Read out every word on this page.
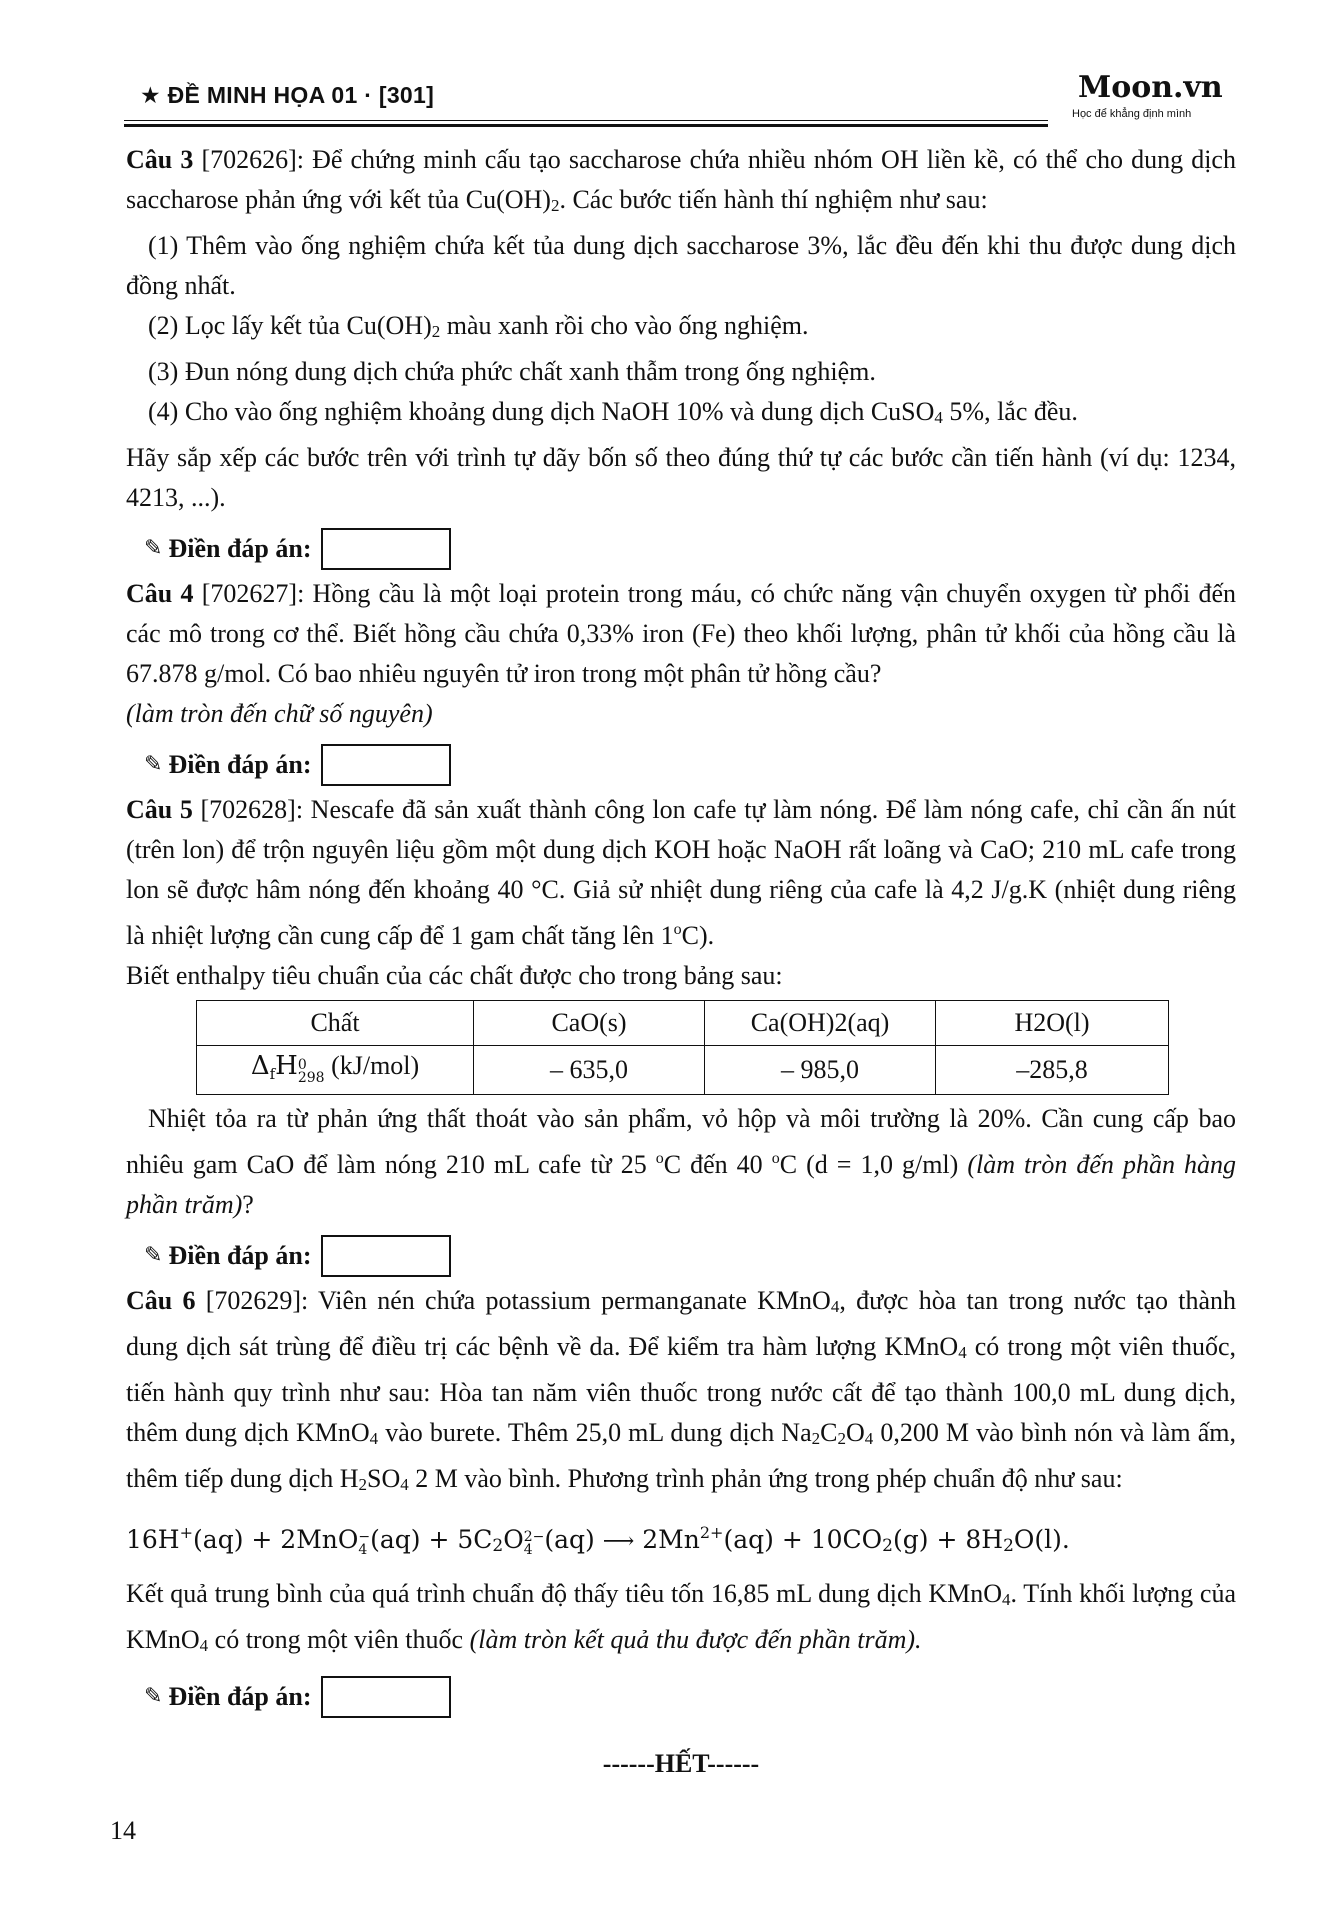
★ ĐỀ MINH HỌA 01 · [301]	Moon.vn
Học để khẳng định mình

Câu 3 [702626]: Để chứng minh cấu tạo saccharose chứa nhiều nhóm OH liền kề, có thể cho dung dịch saccharose phản ứng với kết tủa Cu(OH)2. Các bước tiến hành thí nghiệm như sau:

(1) Thêm vào ống nghiệm chứa kết tủa dung dịch saccharose 3%, lắc đều đến khi thu được dung dịch đồng nhất.

(2) Lọc lấy kết tủa Cu(OH)2 màu xanh rồi cho vào ống nghiệm.

(3) Đun nóng dung dịch chứa phức chất xanh thẫm trong ống nghiệm.

(4) Cho vào ống nghiệm khoảng dung dịch NaOH 10% và dung dịch CuSO4 5%, lắc đều.

Hãy sắp xếp các bước trên với trình tự dãy bốn số theo đúng thứ tự các bước cần tiến hành (ví dụ: 1234, 4213, ...).

✎ Điền đáp án:

Câu 4 [702627]: Hồng cầu là một loại protein trong máu, có chức năng vận chuyển oxygen từ phổi đến các mô trong cơ thể. Biết hồng cầu chứa 0,33% iron (Fe) theo khối lượng, phân tử khối của hồng cầu là 67.878 g/mol. Có bao nhiêu nguyên tử iron trong một phân tử hồng cầu?

(làm tròn đến chữ số nguyên)

✎ Điền đáp án:

Câu 5 [702628]: Nescafe đã sản xuất thành công lon cafe tự làm nóng. Để làm nóng cafe, chỉ cần ấn nút (trên lon) để trộn nguyên liệu gồm một dung dịch KOH hoặc NaOH rất loãng và CaO; 210 mL cafe trong lon sẽ được hâm nóng đến khoảng 40 °C. Giả sử nhiệt dung riêng của cafe là 4,2 J/g.K (nhiệt dung riêng là nhiệt lượng cần cung cấp để 1 gam chất tăng lên 1$^o$C).

Biết enthalpy tiêu chuẩn của các chất được cho trong bảng sau:

Chất	CaO(s)	Ca(OH)2(aq)	H2O(l)
ΔfH 0
298 (kJ/mol)	– 635,0	– 985,0	–285,8

Nhiệt tỏa ra từ phản ứng thất thoát vào sản phẩm, vỏ hộp và môi trường là 20%. Cần cung cấp bao nhiêu gam CaO để làm nóng 210 mL cafe từ 25 $^o$C đến 40 $^o$C (d = 1,0 g/ml) (làm tròn đến phần hàng phần trăm)?

✎ Điền đáp án:

Câu 6 [702629]: Viên nén chứa potassium permanganate KMnO4, được hòa tan trong nước tạo thành dung dịch sát trùng để điều trị các bệnh về da. Để kiểm tra hàm lượng KMnO4 có trong một viên thuốc, tiến hành quy trình như sau: Hòa tan năm viên thuốc trong nước cất để tạo thành 100,0 mL dung dịch, thêm dung dịch KMnO4 vào burete. Thêm 25,0 mL dung dịch Na2C2O4 0,200 M vào bình nón và làm ấm, thêm tiếp dung dịch H2SO4 2 M vào bình. Phương trình phản ứng trong phép chuẩn độ như sau:

16H+(aq) + 2MnO −
4 (aq) + 5C2O 2−
4 (aq) ⟶ $2Mn^{2+}(aq) + 10CO2(g) + 8H2O(l)$.

Kết quả trung bình của quá trình chuẩn độ thấy tiêu tốn 16,85 mL dung dịch KMnO4. Tính khối lượng của KMnO4 có trong một viên thuốc (làm tròn kết quả thu được đến phần trăm).

✎ Điền đáp án:
------HẾT------
14
